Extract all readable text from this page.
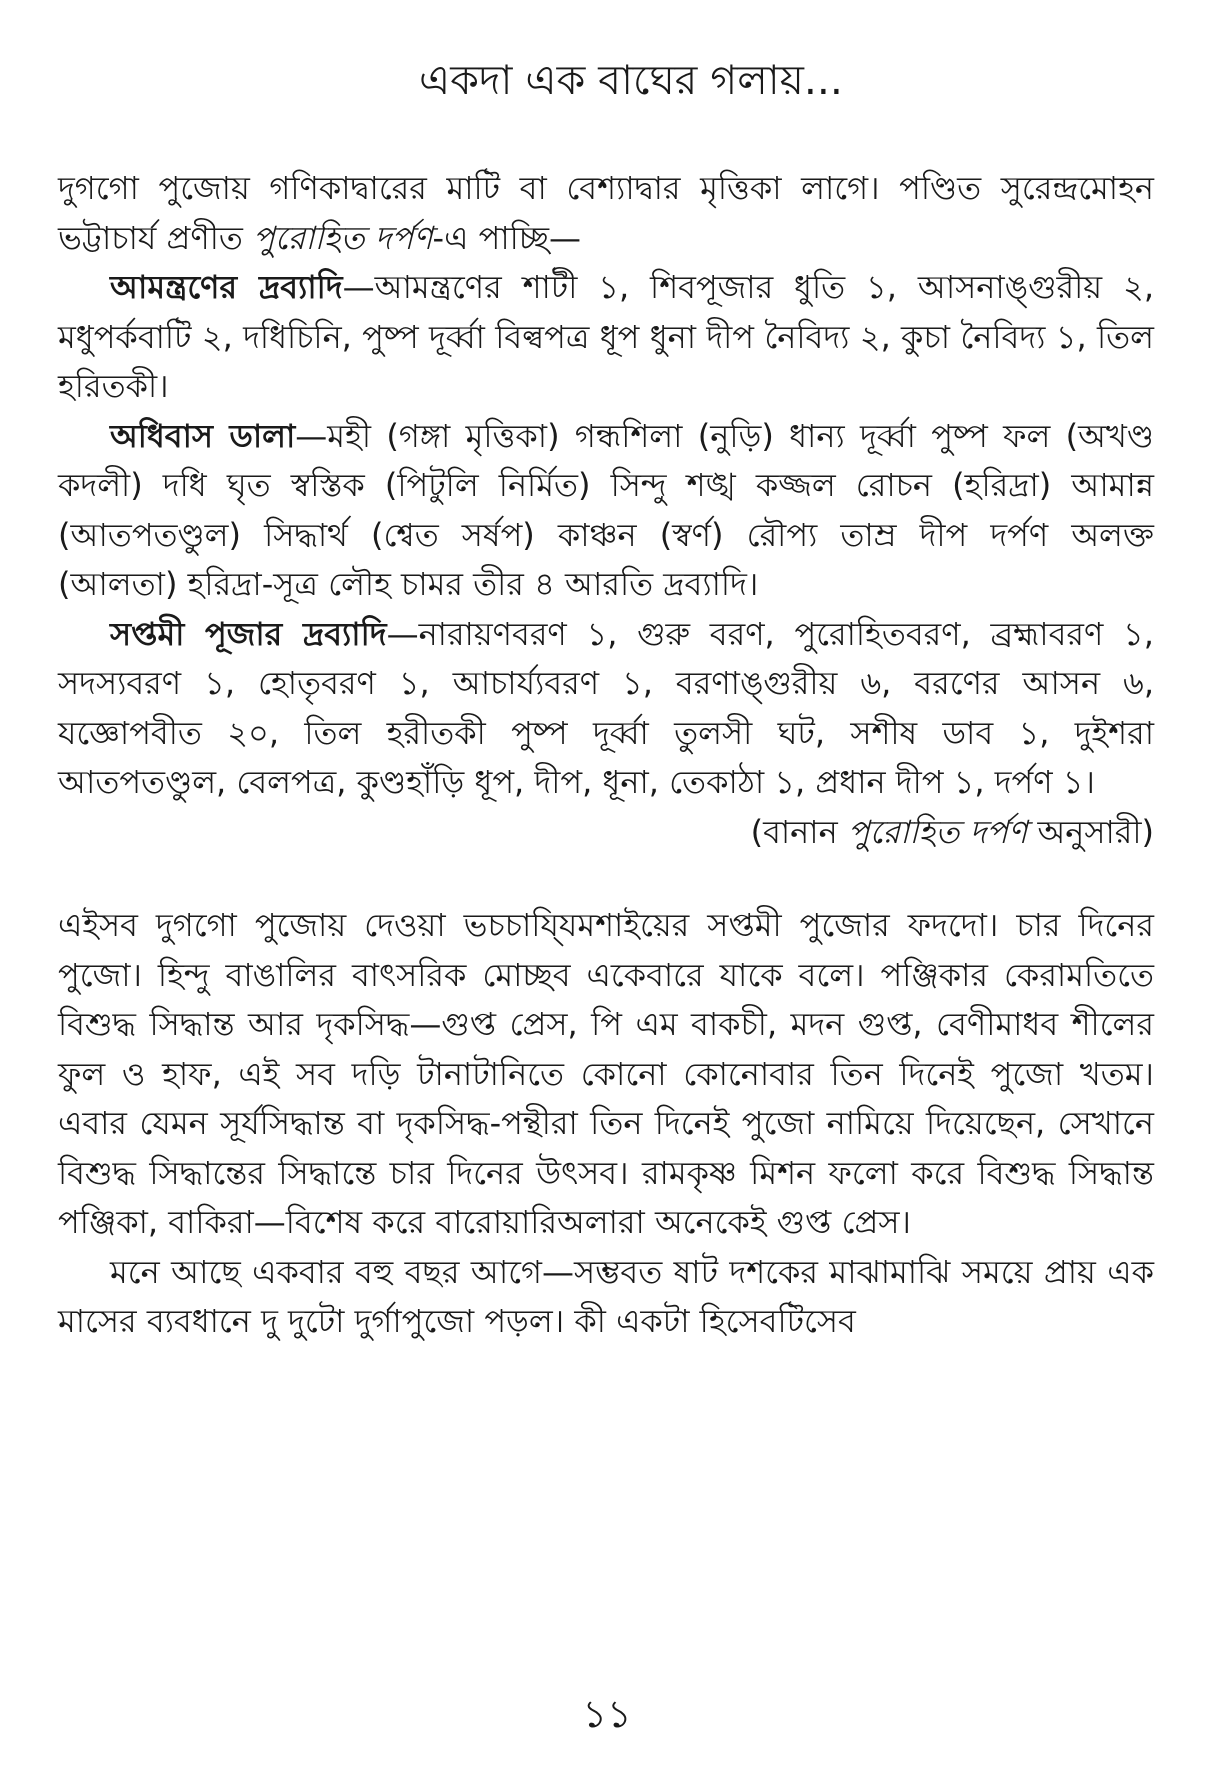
একদা এক বাঘের গলায়...

দুগগো পুজোয় গণিকাদ্বারের মাটি বা বেশ্যাদ্বার মৃত্তিকা লাগে। পণ্ডিত সুরেন্দ্রমোহন ভট্টাচার্য প্রণীত পুরোহিত দর্পণ-এ পাচ্ছি—

আমন্ত্রণের দ্রব্যাদি—আমন্ত্রণের শাটী ১, শিবপূজার ধুতি ১, আসনাঙ্গুরীয় ২, মধুপর্কবাটি ২, দধিচিনি, পুষ্প দূর্ব্বা বিল্বপত্র ধূপ ধুনা দীপ নৈবিদ্য ২, কুচা নৈবিদ্য ১, তিল হরিতকী।

অধিবাস ডালা—মহী (গঙ্গা মৃত্তিকা) গন্ধশিলা (নুড়ি) ধান্য দূর্ব্বা পুষ্প ফল (অখণ্ড কদলী) দধি ঘৃত স্বস্তিক (পিটুলি নির্মিত) সিন্দু শঙ্খ কজ্জল রোচন (হরিদ্রা) আমান্ন (আতপতণ্ডুল) সিদ্ধার্থ (শ্বেত সর্ষপ) কাঞ্চন (স্বর্ণ) রৌপ্য তাম্র দীপ দর্পণ অলক্ত (আলতা) হরিদ্রা-সূত্র লৌহ চামর তীর ৪ আরতি দ্রব্যাদি।

সপ্তমী পূজার দ্রব্যাদি—নারায়ণবরণ ১, গুরু বরণ, পুরোহিতবরণ, ব্রহ্মাবরণ ১, সদস্যবরণ ১, হোতৃবরণ ১, আচার্য্যবরণ ১, বরণাঙ্গুরীয় ৬, বরণের আসন ৬, যজ্ঞোপবীত ২০, তিল হরীতকী পুষ্প দূর্ব্বা তুলসী ঘট, সশীষ ডাব ১, দুইশরা আতপতণ্ডুল, বেলপত্র, কুণ্ডহাঁড়ি ধূপ, দীপ, ধূনা, তেকাঠা ১, প্রধান দীপ ১, দর্পণ ১।

(বানান পুরোহিত দর্পণ অনুসারী)

এইসব দুগগো পুজোয় দেওয়া ভচচাযি্যমশাইয়ের সপ্তমী পুজোর ফদদো। চার দিনের পুজো। হিন্দু বাঙালির বাৎসরিক মোচ্ছব একেবারে যাকে বলে। পঞ্জিকার কেরামতিতে বিশুদ্ধ সিদ্ধান্ত আর দৃকসিদ্ধ—গুপ্ত প্রেস, পি এম বাকচী, মদন গুপ্ত, বেণীমাধব শীলের ফুল ও হাফ, এই সব দড়ি টানাটানিতে কোনো কোনোবার তিন দিনেই পুজো খতম। এবার যেমন সূর্যসিদ্ধান্ত বা দৃকসিদ্ধ-পন্থীরা তিন দিনেই পুজো নামিয়ে দিয়েছেন, সেখানে বিশুদ্ধ সিদ্ধান্তের সিদ্ধান্তে চার দিনের উৎসব। রামকৃষ্ণ মিশন ফলো করে বিশুদ্ধ সিদ্ধান্ত পঞ্জিকা, বাকিরা—বিশেষ করে বারোয়ারিঅলারা অনেকেই গুপ্ত প্রেস।

মনে আছে একবার বহু বছর আগে—সম্ভবত ষাট দশকের মাঝামাঝি সময়ে প্রায় এক মাসের ব্যবধানে দু দুটো দুর্গাপুজো পড়ল। কী একটা হিসেবটিসেব

১১
